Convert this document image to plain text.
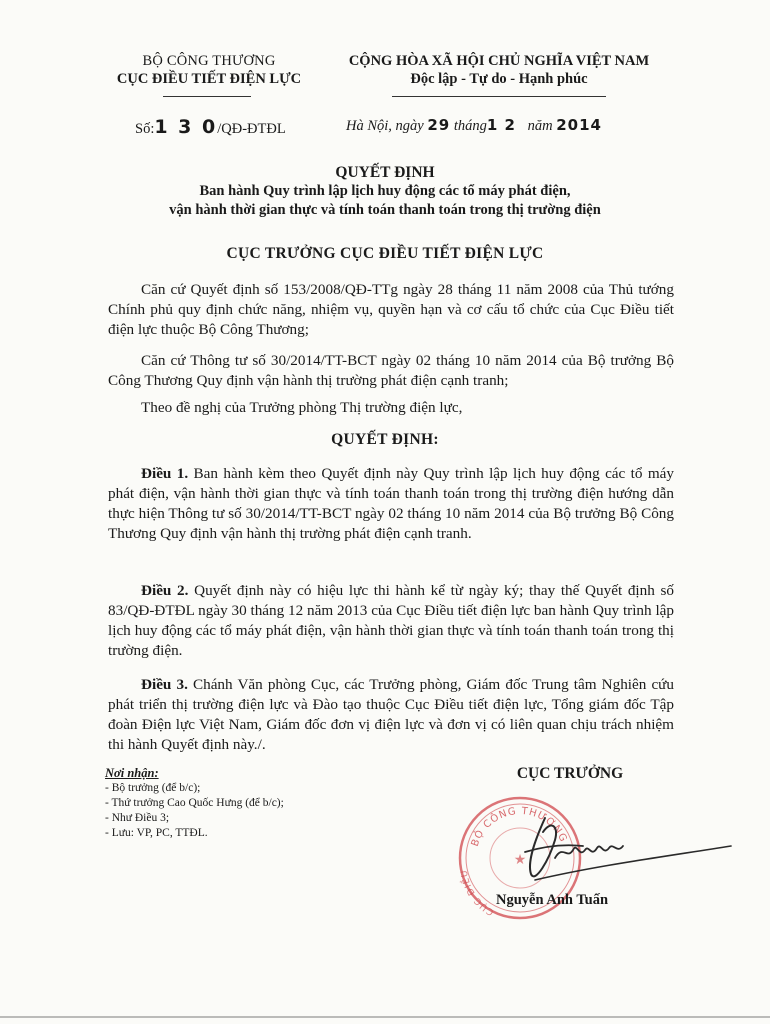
BỘ CÔNG THƯƠNG
CỤC ĐIỀU TIẾT ĐIỆN LỰC
CỘNG HÒA XÃ HỘI CHỦ NGHĨA VIỆT NAM
Độc lập - Tự do - Hạnh phúc
Số:1 3 0/QĐ-ĐTĐL	Hà Nội, ngày 29 tháng1 2 năm 2014
QUYẾT ĐỊNH
Ban hành Quy trình lập lịch huy động các tổ máy phát điện,
vận hành thời gian thực và tính toán thanh toán trong thị trường điện
CỤC TRƯỞNG CỤC ĐIỀU TIẾT ĐIỆN LỰC

Căn cứ Quyết định số 153/2008/QĐ-TTg ngày 28 tháng 11 năm 2008 của Thủ tướng Chính phủ quy định chức năng, nhiệm vụ, quyền hạn và cơ cấu tổ chức của Cục Điều tiết điện lực thuộc Bộ Công Thương;

Căn cứ Thông tư số 30/2014/TT-BCT ngày 02 tháng 10 năm 2014 của Bộ trưởng Bộ Công Thương Quy định vận hành thị trường phát điện cạnh tranh;

Theo đề nghị của Trưởng phòng Thị trường điện lực,

QUYẾT ĐỊNH:

Điều 1. Ban hành kèm theo Quyết định này Quy trình lập lịch huy động các tổ máy phát điện, vận hành thời gian thực và tính toán thanh toán trong thị trường điện hướng dẫn thực hiện Thông tư số 30/2014/TT-BCT ngày 02 tháng 10 năm 2014 của Bộ trưởng Bộ Công Thương Quy định vận hành thị trường phát điện cạnh tranh.

Điều 2. Quyết định này có hiệu lực thi hành kể từ ngày ký; thay thế Quyết định số 83/QĐ-ĐTĐL ngày 30 tháng 12 năm 2013 của Cục Điều tiết điện lực ban hành Quy trình lập lịch huy động các tổ máy phát điện, vận hành thời gian thực và tính toán thanh toán trong thị trường điện.

Điều 3. Chánh Văn phòng Cục, các Trưởng phòng, Giám đốc Trung tâm Nghiên cứu phát triển thị trường điện lực và Đào tạo thuộc Cục Điều tiết điện lực, Tổng giám đốc Tập đoàn Điện lực Việt Nam, Giám đốc đơn vị điện lực và đơn vị có liên quan chịu trách nhiệm thi hành Quyết định này./.

Nơi nhận:
- Bộ trưởng (để b/c);
- Thứ trưởng Cao Quốc Hưng (để b/c);
- Như Điều 3;
- Lưu: VP, PC, TTĐL.
CỤC TRƯỞNG
BỘ CÔNG THƯƠNG
CỤC ĐIỀU
★
Nguyễn Anh Tuấn
